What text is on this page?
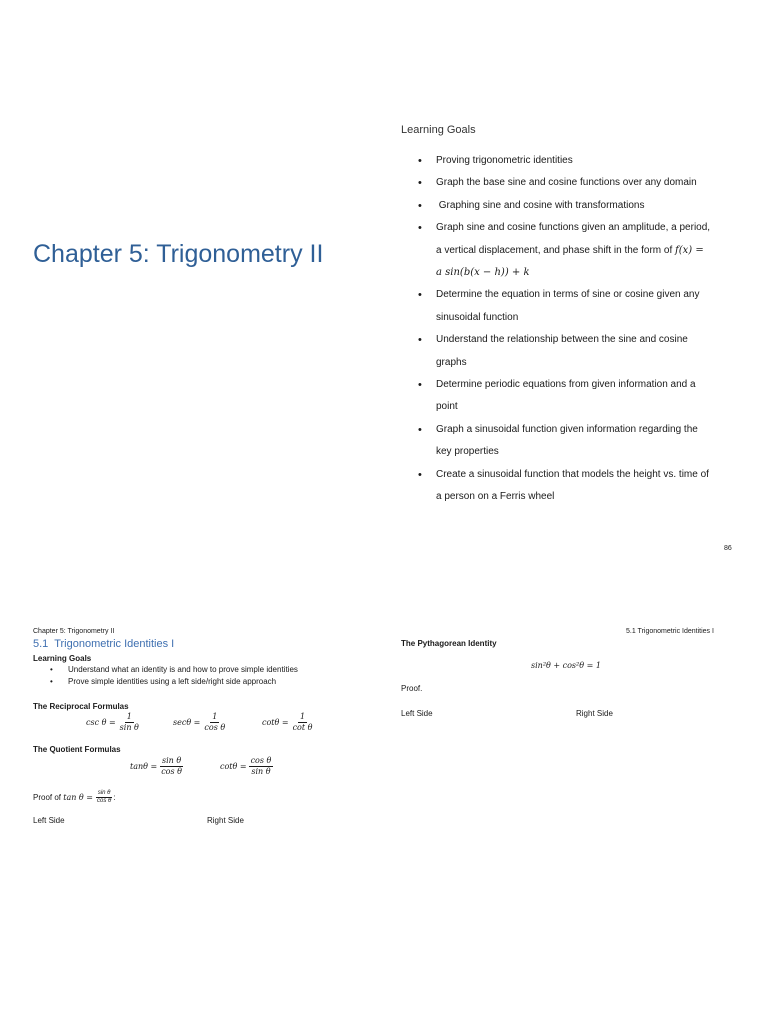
Chapter 5: Trigonometry II
Learning Goals
• Proving trigonometric identities
• Graph the base sine and cosine functions over any domain
•  Graphing sine and cosine with transformations
• Graph sine and cosine functions given an amplitude, a period,
a vertical displacement, and phase shift in the form of f(x) =
a sin(b(x − h)) + k
• Determine the equation in terms of sine or cosine given any
sinusoidal function
• Understand the relationship between the sine and cosine
graphs
• Determine periodic equations from given information and a
point
• Graph a sinusoidal function given information regarding the
key properties
• Create a sinusoidal function that models the height vs. time of
a person on a Ferris wheel
86
Chapter 5: Trigonometry II
5.1  Trigonometric Identities I
Learning Goals
• Understand what an identity is and how to prove simple identities
• Prove simple identities using a left side/right side approach
The Reciprocal Formulas
$\csc \theta = \frac{1}{\text{sin θ}}$	$\sec\theta = \frac{1}{\text{cos θ}}$	$\cot\theta = \frac{1}{\text{cot θ}}$
The Quotient Formulas
$\tan\theta = \frac{\text{sin θ}}{\text{cos θ}}$	$\cot\theta = \frac{\text{cos θ}}{\text{sin θ}}$
Proof of $\tan \theta = \frac{\text{sin θ}}{\text{cos θ}}$ :
Left Side	Right Side
5.1 Trigonometric Identities I
The Pythagorean Identity
sin²θ + cos²θ = 1
Proof.
Left Side	Right Side
